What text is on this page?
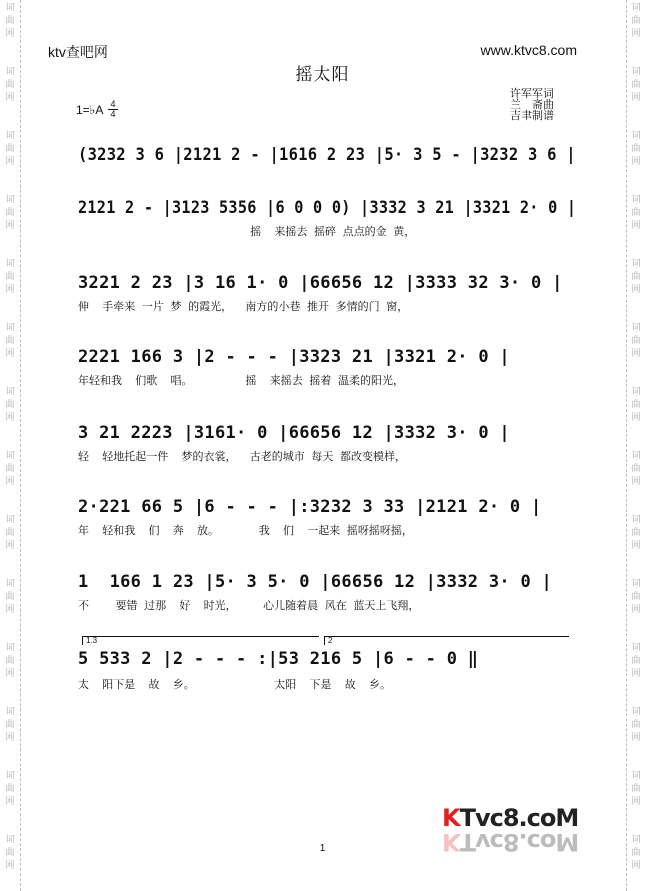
词
曲
网
词
曲
网
词
曲
网
词
曲
网
词
曲
网
词
曲
网
词
曲
网
词
曲
网
词
曲
网
词
曲
网
词
曲
网
词
曲
网
词
曲
网
词
曲
网
词
曲
网
词
曲
网
词
曲
网
词
曲
网
词
曲
网
词
曲
网
词
曲
网
词
曲
网
词
曲
网
词
曲
网
词
曲
网
词
曲
网
词
曲
网
词
曲
网
ktv查吧网	www.ktvc8.com
摇太阳
许军军词
兰　斋曲
吉聿制谱
1=♭A 4
4
(3232 3 6 |2121 2 - |1616 2 23 |5· 3 5 - |3232 3 6 |
2121 2 - |3123 5356 |6 0 0 0) |3332 3 21 |3321 2· 0 |
摇  来摇去 摇碎 点点的金 黄，
3221 2 23 |3 16 1· 0 |66656 12 |3333 32 3· 0 |
伸  手牵来 一片 梦 的霞光，  南方的小巷 推开 多情的门 窗，
2221 166 3 |2 - - - |3323 21 |3321 2· 0 |
年轻和我  们歌  唱。        摇  来摇去 摇着 温柔的阳光，
3 21 2223 |3161· 0 |66656 12 |3332 3· 0 |
轻  轻地托起一件  梦的衣裳，  古老的城市 每天 都改变模样，
2·221 66 5 |6 - - - |:3232 3 33 |2121 2· 0 |
年  轻和我  们  奔  放。      我  们  一起来 摇呀摇呀摇，
1  166 1 23 |5· 3 5· 0 |66656 12 |3332 3· 0 |
不    要错 过那  好  时光，    心儿随着晨 风在 蓝天上飞翔，
1.3	2
5 533 2 |2 - - - :|53 216 5 |6 - - 0 ‖
太  阳下是  故  乡。            太阳  下是  故  乡。
KTvc8.coM
KTvc8.coM
1
